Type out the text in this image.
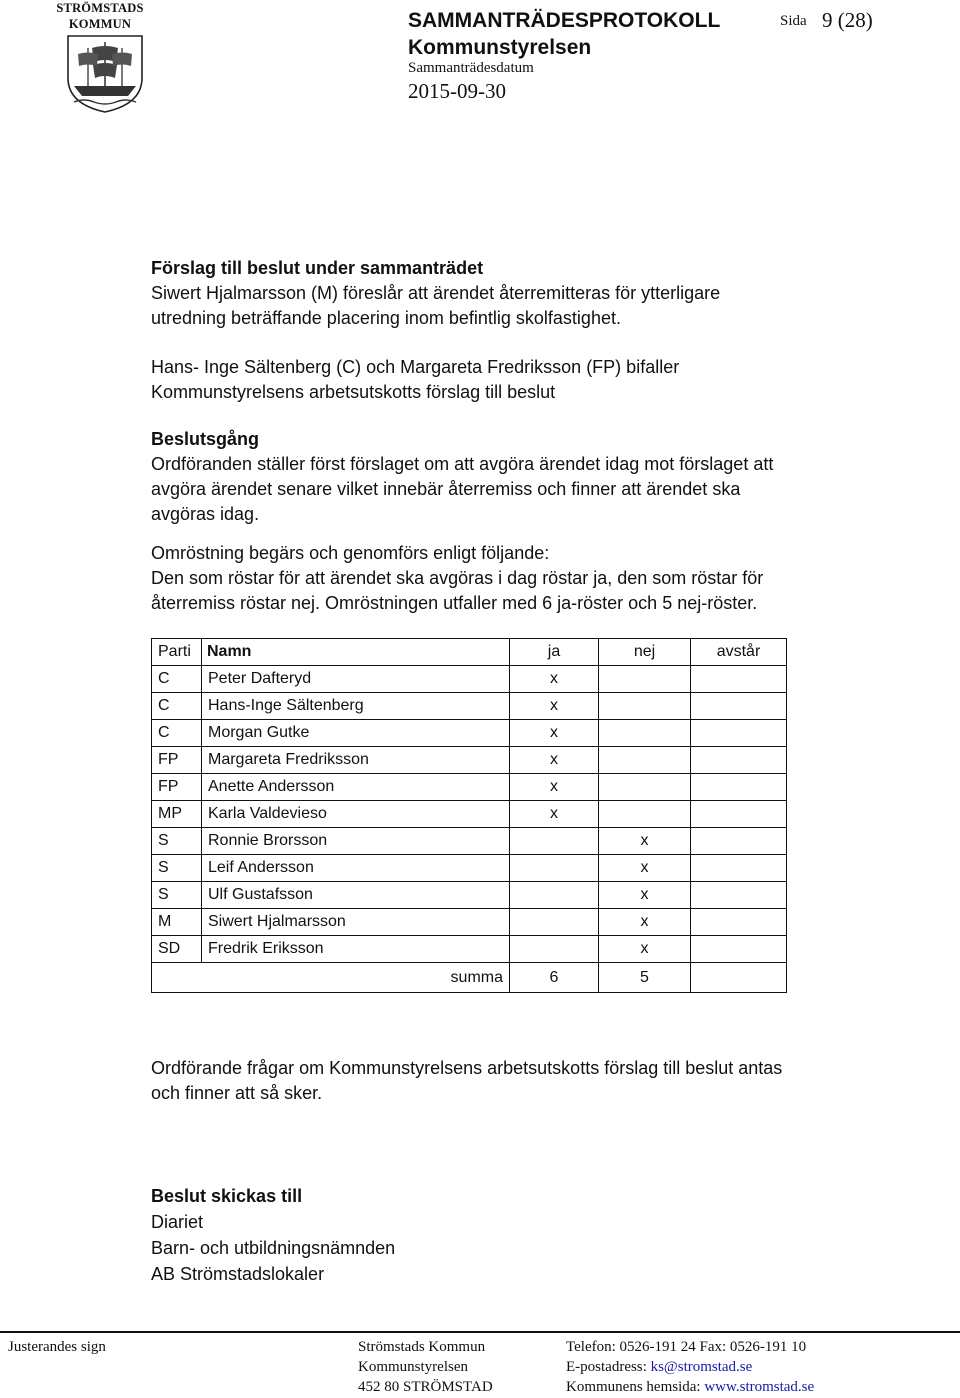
STRÖMSTADS
KOMMUN	SAMMANTRÄDESPROTOKOLL
Kommunstyrelsen
Sammanträdesdatum
2015-09-30
Sida 9 (28)
Förslag till beslut under sammanträdet
Siwert Hjalmarsson (M) föreslår att ärendet återremitteras för ytterligare
utredning beträffande placering inom befintlig skolfastighet.
Hans- Inge Sältenberg (C) och Margareta Fredriksson (FP) bifaller
Kommunstyrelsens arbetsutskotts förslag till beslut
Beslutsgång
Ordföranden ställer först förslaget om att avgöra ärendet idag mot förslaget att
avgöra ärendet senare vilket innebär återremiss och finner att ärendet ska
avgöras idag.
Omröstning begärs och genomförs enligt följande:
Den som röstar för att ärendet ska avgöras i dag röstar ja, den som röstar för
återremiss röstar nej. Omröstningen utfaller med 6 ja-röster och 5 nej-röster.
Parti	Namn	ja	nej	avstår
C	Peter Dafteryd	x		
C	Hans-Inge Sältenberg	x		
C	Morgan Gutke	x		
FP	Margareta Fredriksson	x		
FP	Anette Andersson	x		
MP	Karla Valdevieso	x		
S	Ronnie Brorsson		x	
S	Leif Andersson		x	
S	Ulf Gustafsson		x	
M	Siwert Hjalmarsson		x	
SD	Fredrik Eriksson		x	
summa		6	5	
Ordförande frågar om Kommunstyrelsens arbetsutskotts förslag till beslut antas
och finner att så sker.
Beslut skickas till
Diariet
Barn- och utbildningsnämnden
AB Strömstadslokaler
Justerandes sign	Strömstads Kommun
Kommunstyrelsen
452 80 STRÖMSTAD
Telefon: 0526-191 24 Fax: 0526-191 10
E-postadress: ks@stromstad.se
Kommunens hemsida: www.stromstad.se
